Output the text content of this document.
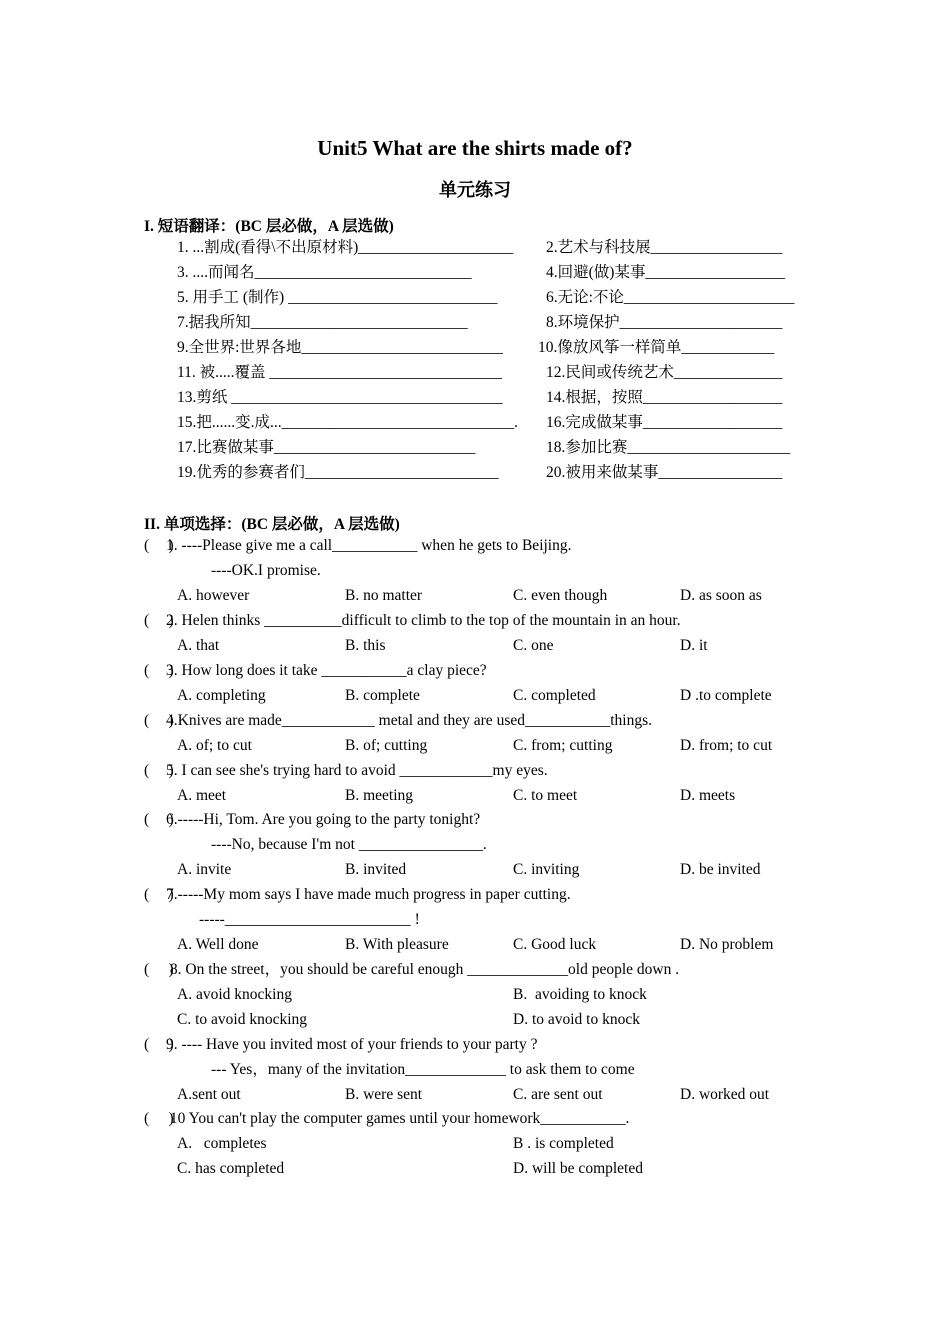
Unit5 What are the shirts made of?
单元练习
I. 短语翻译：(BC 层必做，A 层选做)
1. ...割成(看得\不出原材料)____________________ 2.艺术与科技展_________________
3. ....而闻名____________________________	4.回避(做)某事__________________
5. 用手工 (制作) ___________________________	6.无论:不论______________________
7.据我所知____________________________	8.环境保护_____________________
9.全世界:世界各地__________________________ 10.像放风筝一样简单____________
11. 被.....覆盖 ______________________________	12.民间或传统艺术______________
13.剪纸 ___________________________________	14.根据，按照__________________
15.把......变.成...______________________________. 16.完成做某事__________________
17.比赛做某事__________________________	18.参加比赛_____________________
19.优秀的参赛者们_________________________	20.被用来做某事________________
II. 单项选择：(BC 层必做，A 层选做)
(     )
1. ----Please give me a call___________ when he gets to Beijing.
----OK.I promise.
A. however	B. no matter	C. even though	D. as soon as
(     )
2. Helen thinks __________difficult to climb to the top of the mountain in an hour.
A. that	B. this	C. one	D. it
(     )
3. How long does it take ___________a clay piece?
A. completing	B. complete	C. completed	D .to complete
(     )
4.Knives are made____________ metal and they are used___________things.
A. of; to cut	B. of; cutting	C. from; cutting	D. from; to cut
(     )
5. I can see she's trying hard to avoid ____________my eyes.
A. meet	B. meeting	C. to meet	D. meets
(     )
6.-----Hi, Tom. Are you going to the party tonight?
----No, because I'm not ________________.
A. invite	B. invited	C. inviting	D. be invited
(     )
7.-----My mom says I have made much progress in paper cutting.
-----________________________ !
A. Well done	B. With pleasure	C. Good luck	D. No problem
(     )
8. On the street，you should be careful enough _____________old people down .
A. avoid knocking	B.  avoiding to knock
C. to avoid knocking	D. to avoid to knock
(     )
9. ---- Have you invited most of your friends to your party ?
--- Yes，many of the invitation_____________ to ask them to come
A.sent out	B. were sent	C. are sent out	D. worked out
(     )
10 You can't play the computer games until your homework___________.
A.   completes	B . is completed
C. has completed	D. will be completed
